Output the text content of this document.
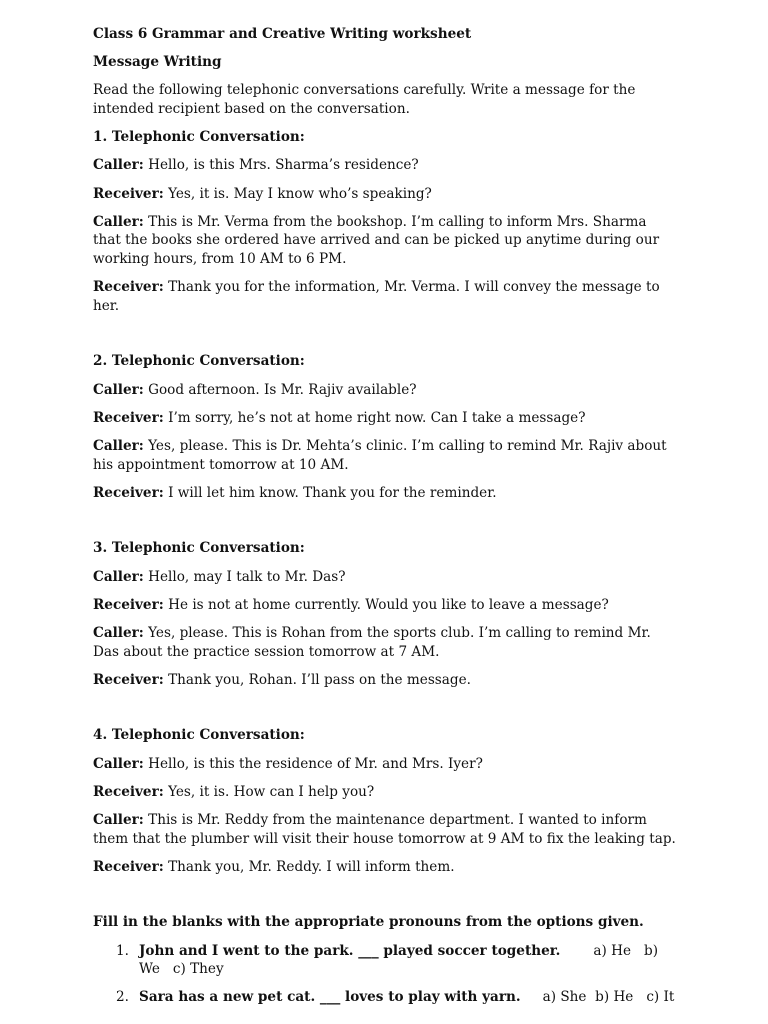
Class 6 Grammar and Creative Writing worksheet

Message Writing

Read the following telephonic conversations carefully. Write a message for the intended recipient based on the conversation.

1. Telephonic Conversation:

Caller: Hello, is this Mrs. Sharma’s residence?

Receiver: Yes, it is. May I know who’s speaking?

Caller: This is Mr. Verma from the bookshop. I’m calling to inform Mrs. Sharma that the books she ordered have arrived and can be picked up anytime during our working hours, from 10 AM to 6 PM.

Receiver: Thank you for the information, Mr. Verma. I will convey the message to her.

2. Telephonic Conversation:

Caller: Good afternoon. Is Mr. Rajiv available?

Receiver: I’m sorry, he’s not at home right now. Can I take a message?

Caller: Yes, please. This is Dr. Mehta’s clinic. I’m calling to remind Mr. Rajiv about his appointment tomorrow at 10 AM.

Receiver: I will let him know. Thank you for the reminder.

3. Telephonic Conversation:

Caller: Hello, may I talk to Mr. Das?

Receiver: He is not at home currently. Would you like to leave a message?

Caller: Yes, please. This is Rohan from the sports club. I’m calling to remind Mr. Das about the practice session tomorrow at 7 AM.

Receiver: Thank you, Rohan. I’ll pass on the message.

4. Telephonic Conversation:

Caller: Hello, is this the residence of Mr. and Mrs. Iyer?

Receiver: Yes, it is. How can I help you?

Caller: This is Mr. Reddy from the maintenance department. I wanted to inform them that the plumber will visit their house tomorrow at 9 AM to fix the leaking tap.

Receiver: Thank you, Mr. Reddy. I will inform them.

Fill in the blanks with the appropriate pronouns from the options given.

1. John and I went to the park. ___ played soccer together. a) He   b) We   c) They
2. Sara has a new pet cat. ___ loves to play with yarn. a) She  b) He   c) It
